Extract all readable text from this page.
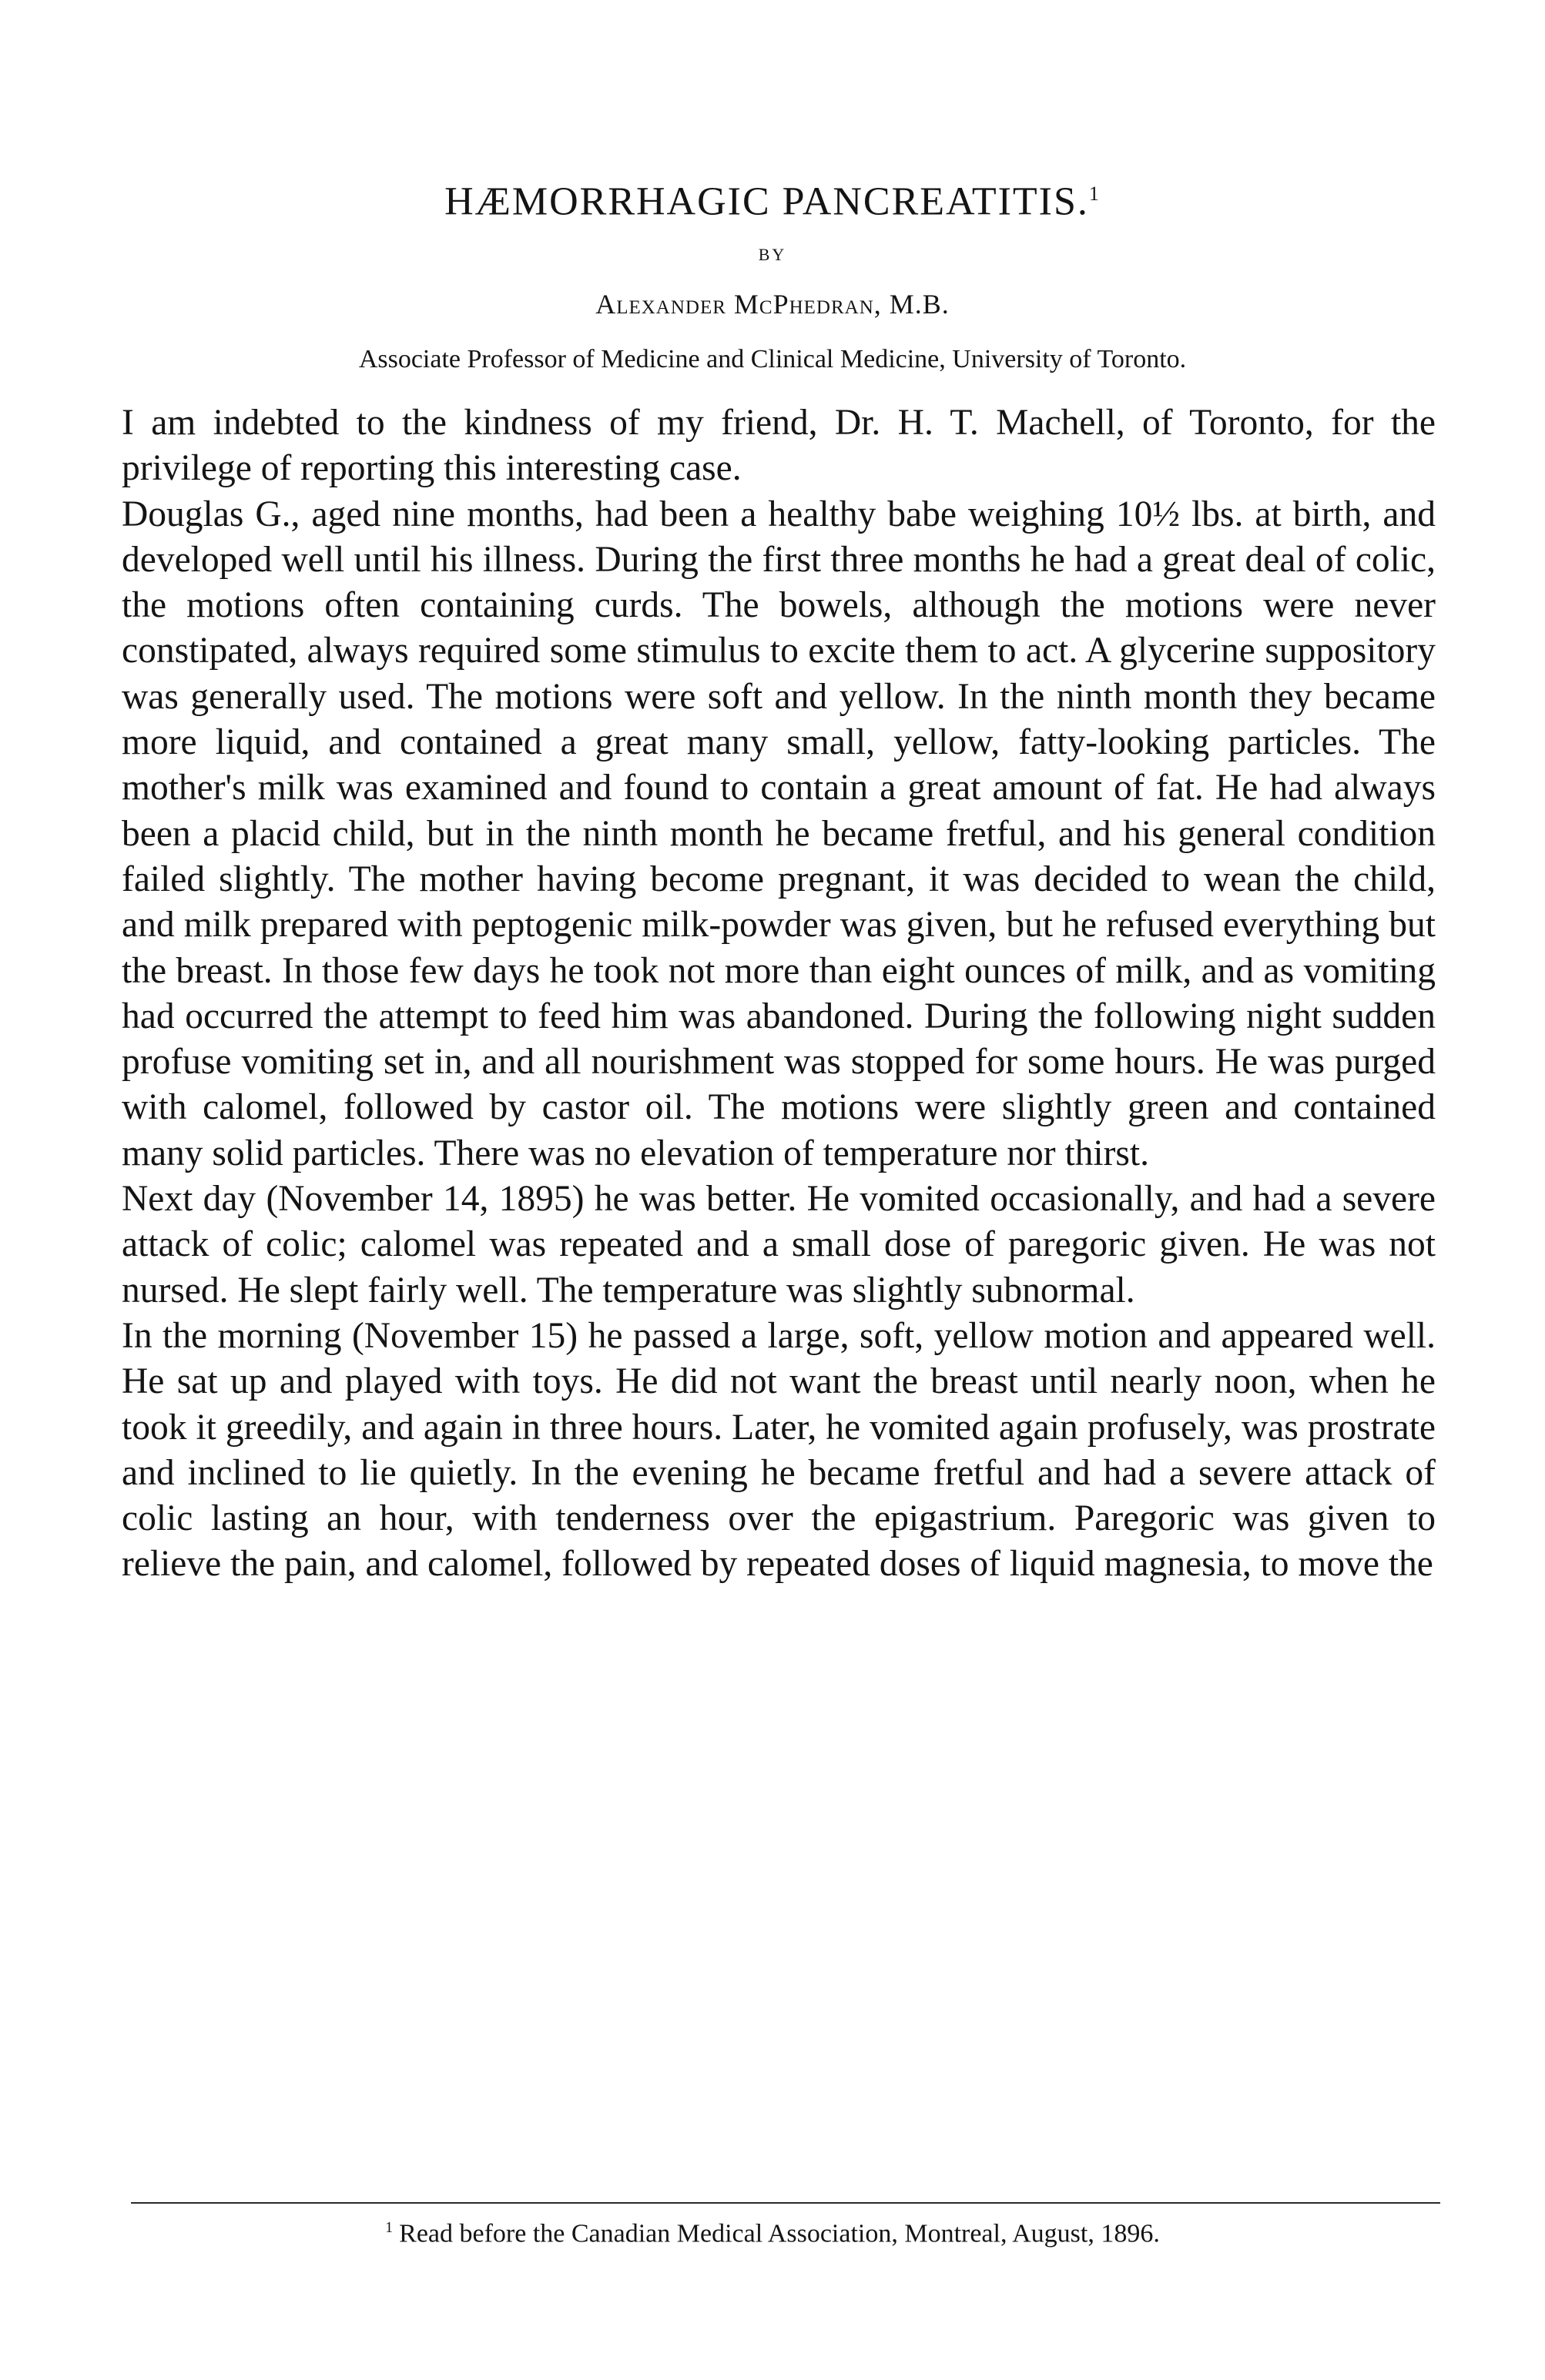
HÆMORRHAGIC PANCREATITIS.$^1$
BY
Alexander McPhedran, M.B.
Associate Professor of Medicine and Clinical Medicine, University of Toronto.

I am indebted to the kindness of my friend, Dr. H. T. Machell, of Toronto, for the privilege of reporting this interesting case.

Douglas G., aged nine months, had been a healthy babe weighing 10½ lbs. at birth, and developed well until his illness. During the first three months he had a great deal of colic, the motions often containing curds. The bowels, although the motions were never constipated, always required some stimulus to excite them to act. A glycerine suppository was generally used. The motions were soft and yellow. In the ninth month they became more liquid, and contained a great many small, yellow, fatty-looking particles. The mother's milk was examined and found to contain a great amount of fat. He had always been a placid child, but in the ninth month he became fretful, and his general condition failed slightly. The mother having become pregnant, it was decided to wean the child, and milk prepared with peptogenic milk-powder was given, but he refused everything but the breast. In those few days he took not more than eight ounces of milk, and as vomiting had occurred the attempt to feed him was abandoned. During the following night sudden profuse vomiting set in, and all nourishment was stopped for some hours. He was purged with calomel, followed by castor oil. The motions were slightly green and contained many solid particles. There was no elevation of temperature nor thirst.

Next day (November 14, 1895) he was better. He vomited occasionally, and had a severe attack of colic; calomel was repeated and a small dose of paregoric given. He was not nursed. He slept fairly well. The temperature was slightly subnormal.

In the morning (November 15) he passed a large, soft, yellow motion and appeared well. He sat up and played with toys. He did not want the breast until nearly noon, when he took it greedily, and again in three hours. Later, he vomited again profusely, was prostrate and inclined to lie quietly. In the evening he became fretful and had a severe attack of colic lasting an hour, with tenderness over the epigastrium. Paregoric was given to relieve the pain, and calomel, followed by repeated doses of liquid magnesia, to move the

$^1$ Read before the Canadian Medical Association, Montreal, August, 1896.
